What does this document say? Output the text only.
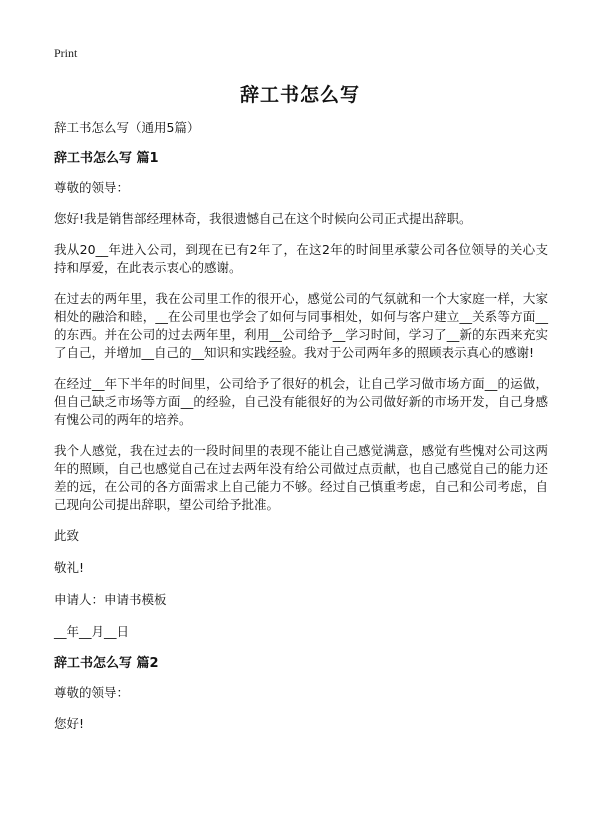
Print
辞工书怎么写

辞工书怎么写（通用5篇）

辞工书怎么写 篇1

尊敬的领导：

您好!我是销售部经理林奇，我很遗憾自己在这个时候向公司正式提出辞职。

我从20__年进入公司，到现在已有2年了，在这2年的时间里承蒙公司各位领导的关心支持和厚爱，在此表示衷心的感谢。

在过去的两年里，我在公司里工作的很开心，感觉公司的气氛就和一个大家庭一样，大家相处的融洽和睦，__在公司里也学会了如何与同事相处，如何与客户建立__关系等方面__的东西。并在公司的过去两年里，利用__公司给予__学习时间，学习了__新的东西来充实了自己，并增加__自己的__知识和实践经验。我对于公司两年多的照顾表示真心的感谢!

在经过__年下半年的时间里，公司给予了很好的机会，让自己学习做市场方面__的运做，但自己缺乏市场等方面__的经验，自己没有能很好的为公司做好新的市场开发，自己身感有愧公司的两年的培养。

我个人感觉，我在过去的一段时间里的表现不能让自己感觉满意，感觉有些愧对公司这两年的照顾，自己也感觉自己在过去两年没有给公司做过点贡献，也自己感觉自己的能力还差的远，在公司的各方面需求上自己能力不够。经过自己慎重考虑，自己和公司考虑，自己现向公司提出辞职，望公司给予批准。

此致

敬礼!

申请人：申请书模板

__年__月__日

辞工书怎么写 篇2

尊敬的领导：

您好!
